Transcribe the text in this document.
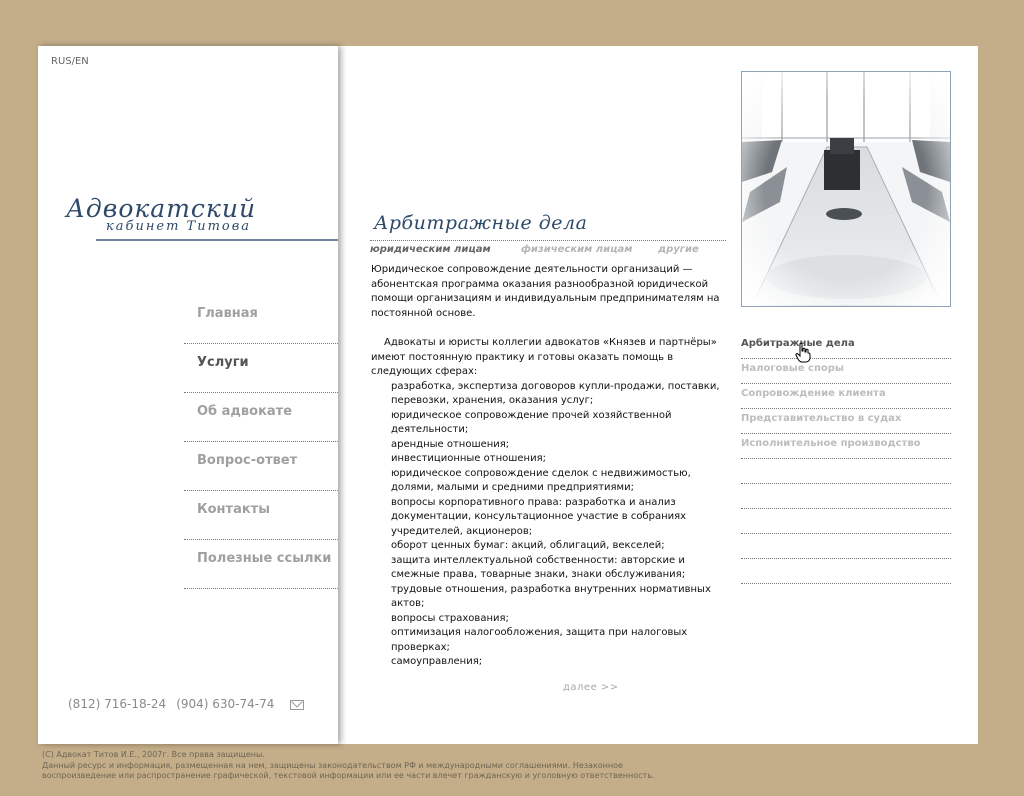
RUS/EN
Адвокатский
кабинет Титова
Главная
Услуги
Об адвокате
Вопрос-ответ
Контакты
Полезные ссылки
(812) 716-18-24 (904) 630-74-74
Арбитражные дела
юридическим лицам	физическим лицам	другие

Юридическое сопровождение деятельности организаций — абонентская программа оказания разнообразной юридической помощи организациям и индивидуальным предпринимателям на постоянной основе.

Адвокаты и юристы коллегии адвокатов «Князев и партнёры» имеют постоянную практику и готовы оказать помощь в следующих сферах:

разработка, экспертиза договоров купли-продажи, поставки, перевозки, хранения, оказания услуг;
юридическое сопровождение прочей хозяйственной деятельности;
арендные отношения;
инвестиционные отношения;
юридическое сопровождение сделок с недвижимостью, долями, малыми и средними предприятиями;
вопросы корпоративного права: разработка и анализ документации, консультационное участие в собраниях учредителей, акционеров;
оборот ценных бумаг: акций, облигаций, векселей;
защита интеллектуальной собственности: авторские и смежные права, товарные знаки, знаки обслуживания;
трудовые отношения, разработка внутренних нормативных актов;
вопросы страхования;
оптимизация налогообложения, защита при налоговых проверках;
самоуправления;
далее >>
Арбитражные дела
Налоговые споры
Сопровождение клиента
Представительство в судах
Исполнительное производство
(С) Адвокат Титов И.Е., 2007г. Все права защищены.
Данный ресурс и информация, размещенная на нем, защищены законодательством РФ и международными соглашениями. Незаконное
воспроизведение или распространение графической, текстовой информации или ее части влечет гражданскую и уголовную ответственность.
